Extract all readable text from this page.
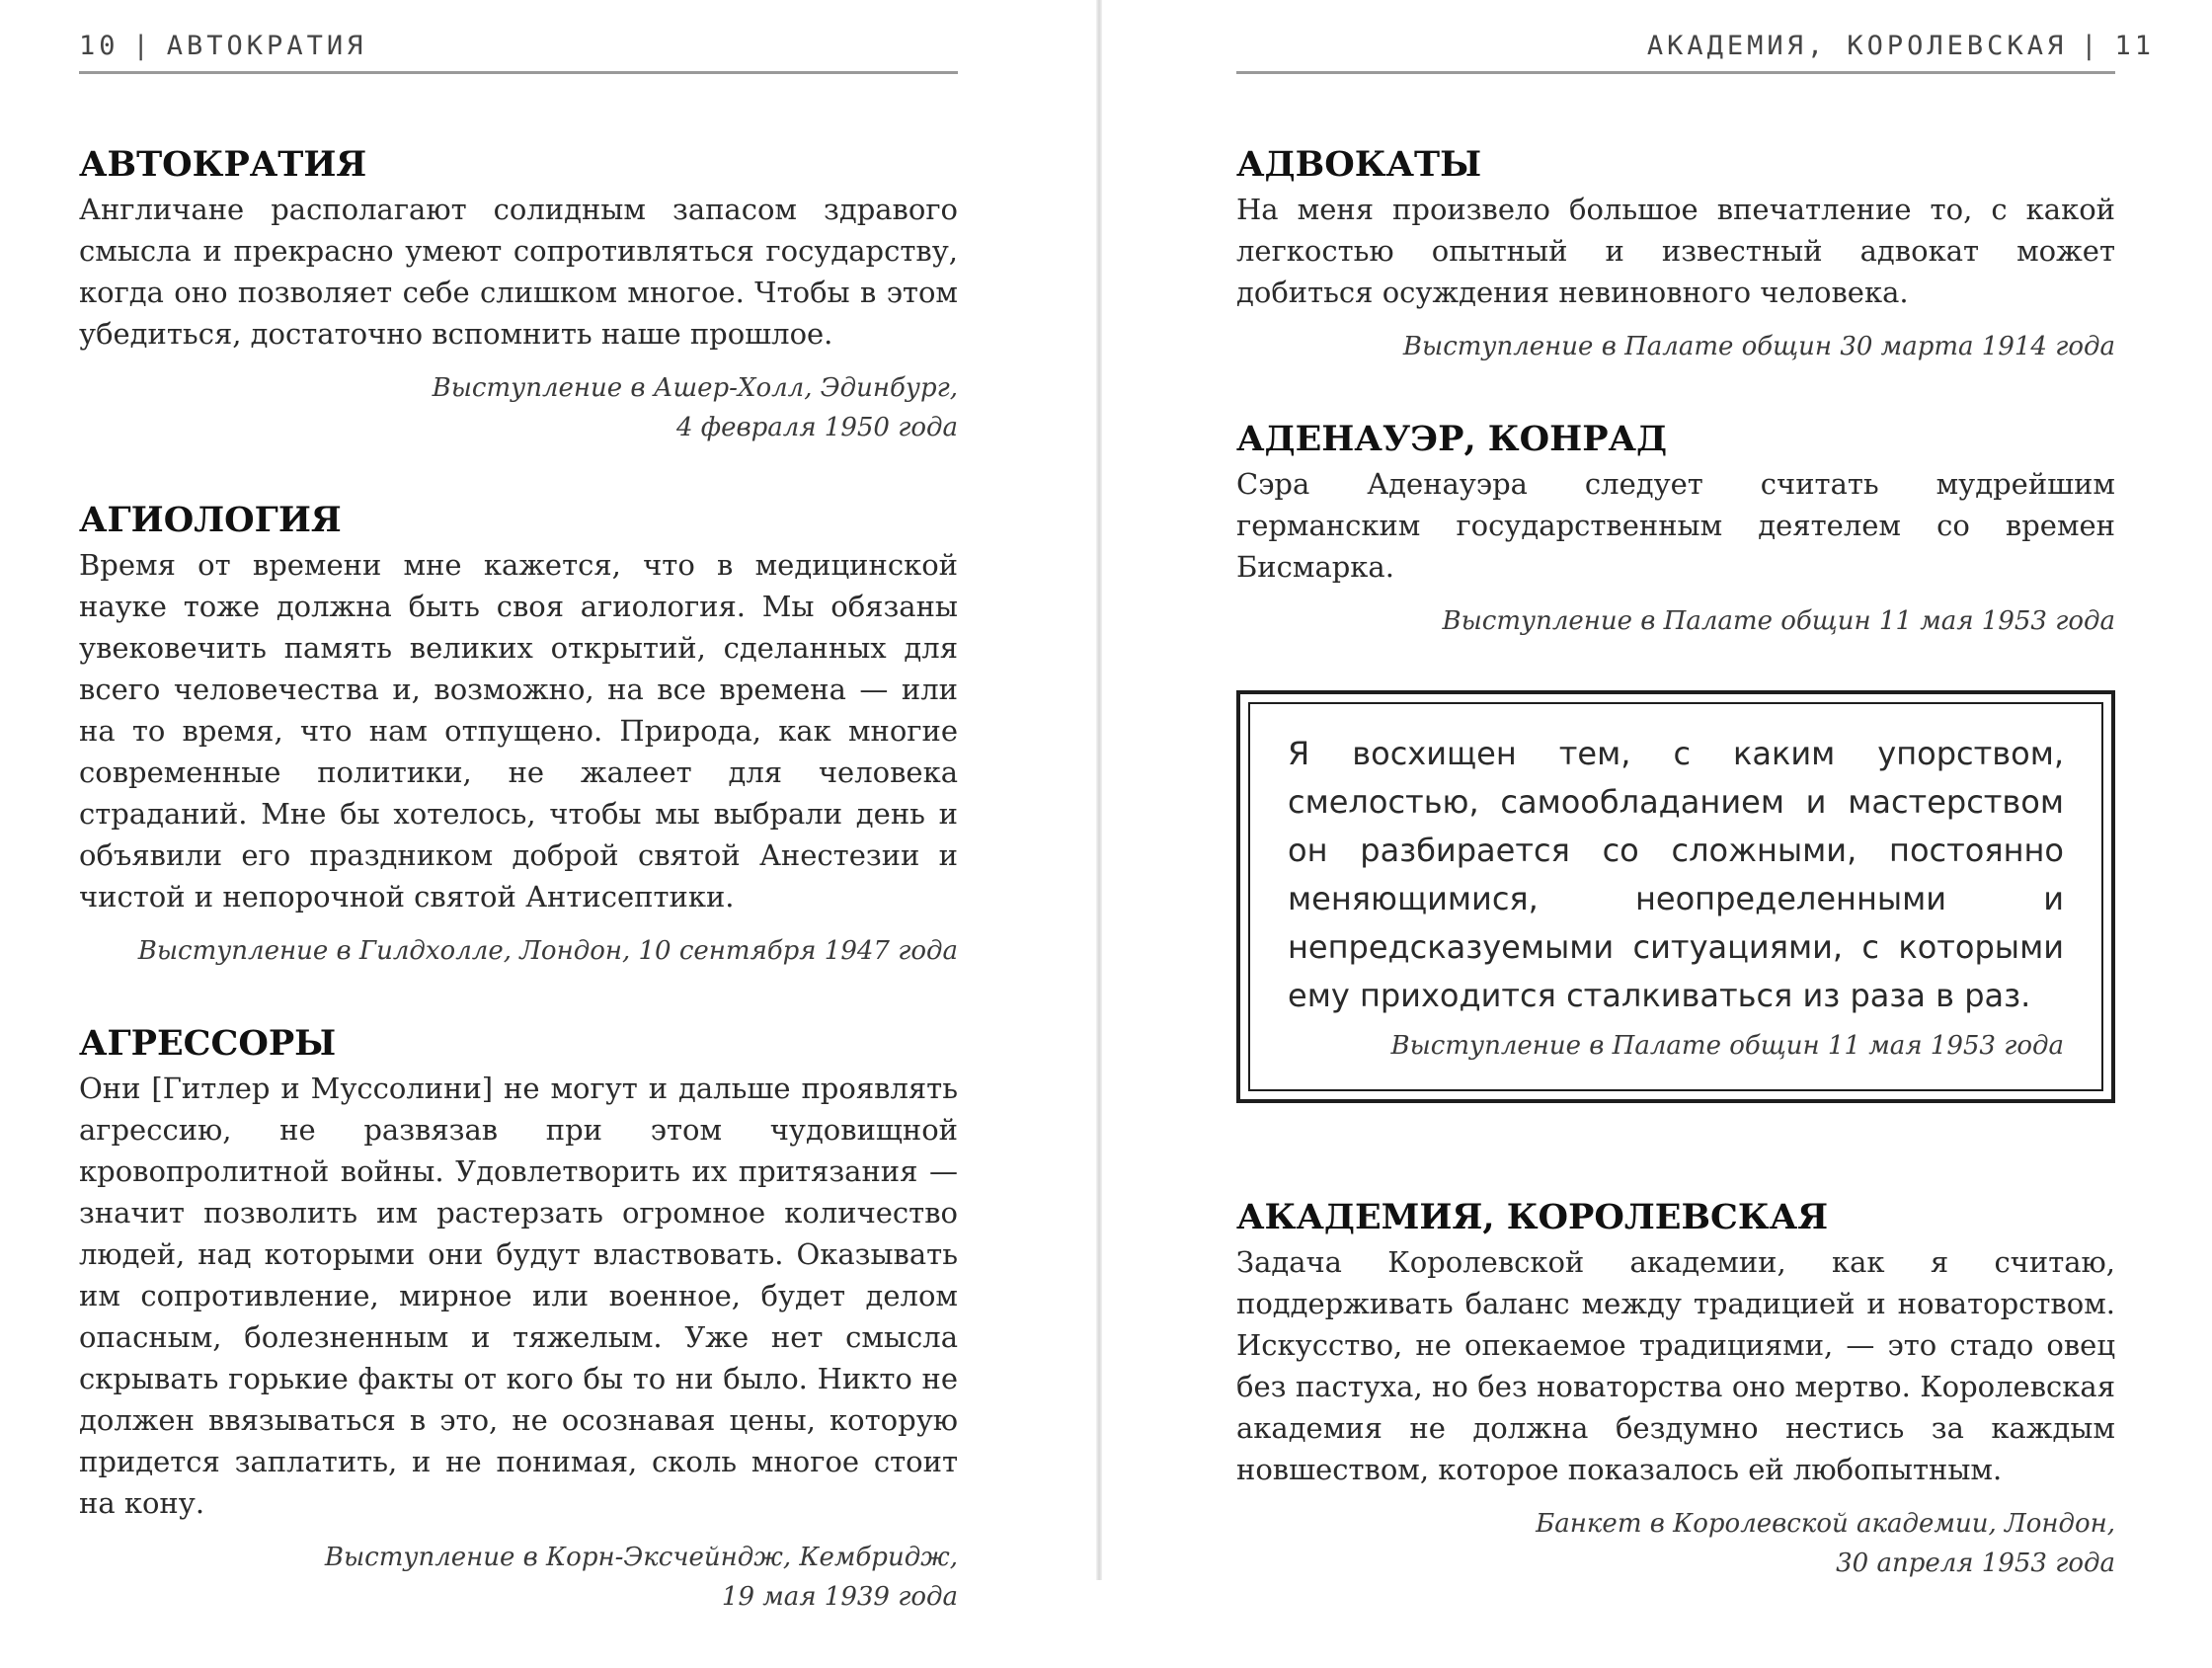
10 | АВТОКРАТИЯ
АВТОКРАТИЯ

Англичане располагают солидным запасом здравого смысла и прекрасно умеют сопротивляться государству, когда оно позволяет себе слишком многое. Чтобы в этом убедиться, достаточно вспомнить наше прошлое.

Выступление в Ашер-Холл, Эдинбург,
4 февраля 1950 года
АГИОЛОГИЯ

Время от времени мне кажется, что в медицинской науке тоже должна быть своя агиология. Мы обязаны увековечить память великих открытий, сделанных для всего человечества и, возможно, на все времена — или на то время, что нам отпущено. Природа, как многие современные политики, не жалеет для человека страданий. Мне бы хотелось, чтобы мы выбрали день и объявили его праздником доброй святой Анестезии и чистой и непорочной святой Антисептики.

Выступление в Гилдхолле, Лондон, 10 сентября 1947 года
АГРЕССОРЫ

Они [Гитлер и Муссолини] не могут и дальше проявлять агрессию, не развязав при этом чудовищной кровопролитной войны. Удовлетворить их притязания — значит позволить им растерзать огромное количество людей, над которыми они будут властвовать. Оказывать им сопротивление, мирное или военное, будет делом опасным, болезненным и тяжелым. Уже нет смысла скрывать горькие факты от кого бы то ни было. Никто не должен ввязываться в это, не осознавая цены, которую придется заплатить, и не понимая, сколь многое стоит на кону.

Выступление в Корн-Эксчейндж, Кембридж,
19 мая 1939 года
АКАДЕМИЯ, КОРОЛЕВСКАЯ | 11
АДВОКАТЫ

На меня произвело большое впечатление то, с какой легкостью опытный и известный адвокат может добиться осуждения невиновного человека.

Выступление в Палате общин 30 марта 1914 года
АДЕНАУЭР, КОНРАД

Сэра Аденауэра следует считать мудрейшим германским государственным деятелем со времен Бисмарка.

Выступление в Палате общин 11 мая 1953 года

Я восхищен тем, с каким упорством, смелостью, самообладанием и мастерством он разбирается со сложными, постоянно меняющимися, неопределенными и непредсказуемыми ситуациями, с которыми ему приходится сталкиваться из раза в раз.

Выступление в Палате общин 11 мая 1953 года
АКАДЕМИЯ, КОРОЛЕВСКАЯ

Задача Королевской академии, как я считаю, поддерживать баланс между традицией и новаторством. Искусство, не опекаемое традициями, — это стадо овец без пастуха, но без новаторства оно мертво. Королевская академия не должна бездумно нестись за каждым новшеством, которое показалось ей любопытным.

Банкет в Королевской академии, Лондон,
30 апреля 1953 года
